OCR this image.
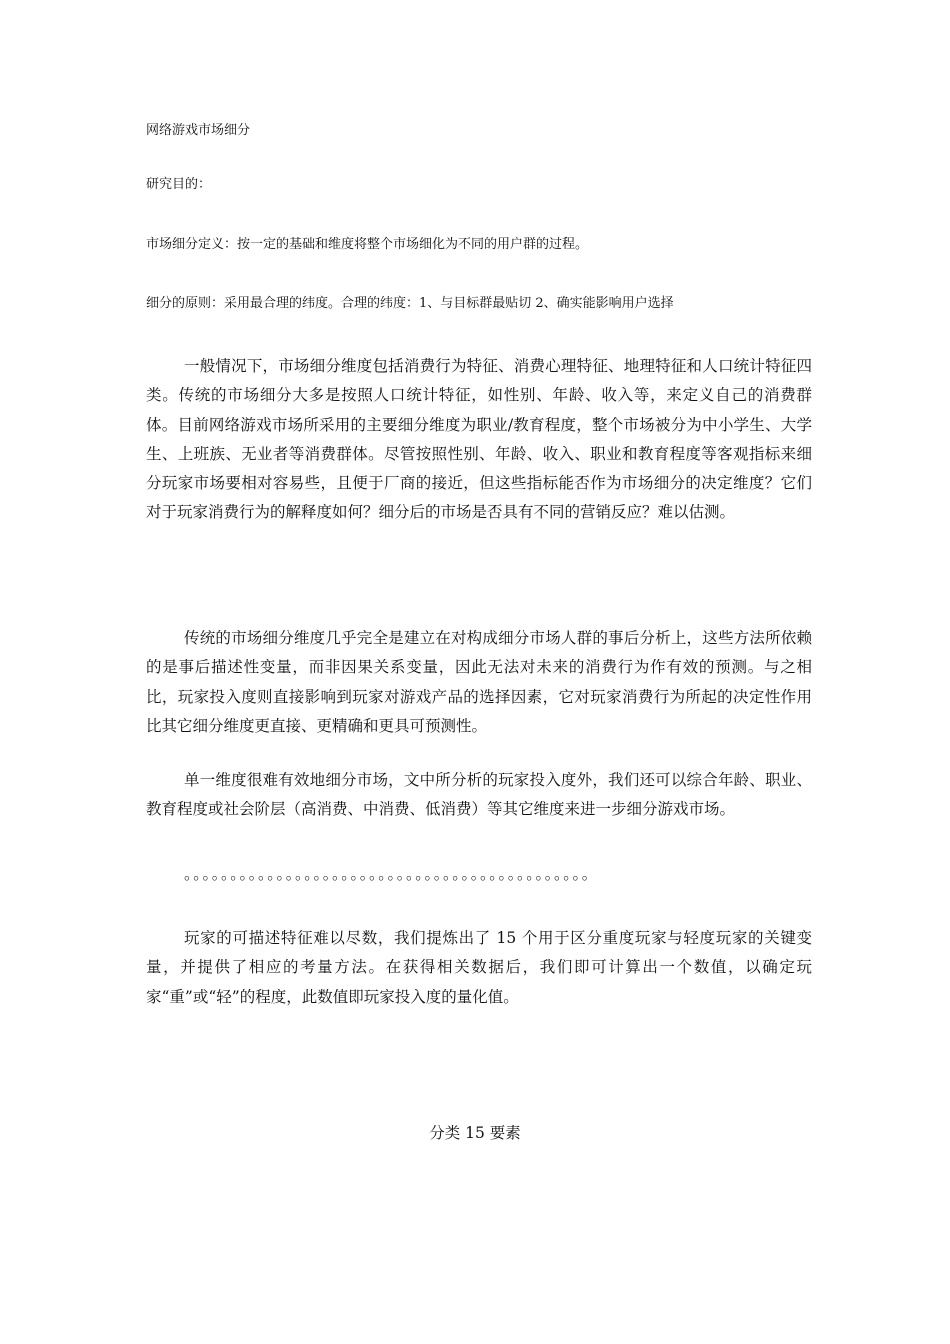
网络游戏市场细分
研究目的：
市场细分定义：按一定的基础和维度将整个市场细化为不同的用户群的过程。
细分的原则：采用最合理的纬度。合理的纬度：1、与目标群最贴切 2、确实能影响用户选择

一般情况下，市场细分维度包括消费行为特征、消费心理特征、地理特征和人口统计特征四类。传统的市场细分大多是按照人口统计特征，如性别、年龄、收入等，来定义自己的消费群体。目前网络游戏市场所采用的主要细分维度为职业/教育程度，整个市场被分为中小学生、大学生、上班族、无业者等消费群体。尽管按照性别、年龄、收入、职业和教育程度等客观指标来细分玩家市场要相对容易些，且便于厂商的接近，但这些指标能否作为市场细分的决定维度？它们对于玩家消费行为的解释度如何？细分后的市场是否具有不同的营销反应？难以估测。

传统的市场细分维度几乎完全是建立在对构成细分市场人群的事后分析上，这些方法所依赖的是事后描述性变量，而非因果关系变量，因此无法对未来的消费行为作有效的预测。与之相比，玩家投入度则直接影响到玩家对游戏产品的选择因素，它对玩家消费行为所起的决定性作用比其它细分维度更直接、更精确和更具可预测性。

单一维度很难有效地细分市场，文中所分析的玩家投入度外，我们还可以综合年龄、职业、教育程度或社会阶层（高消费、中消费、低消费）等其它维度来进一步细分游戏市场。

。。。。。。。。。。。。。。。。。。。。。。。。。。。。。。。。。。。。。。。。。。。。

玩家的可描述特征难以尽数，我们提炼出了 15 个用于区分重度玩家与轻度玩家的关键变量，并提供了相应的考量方法。在获得相关数据后，我们即可计算出一个数值，以确定玩家“重”或“轻”的程度，此数值即玩家投入度的量化值。

分类 15 要素
